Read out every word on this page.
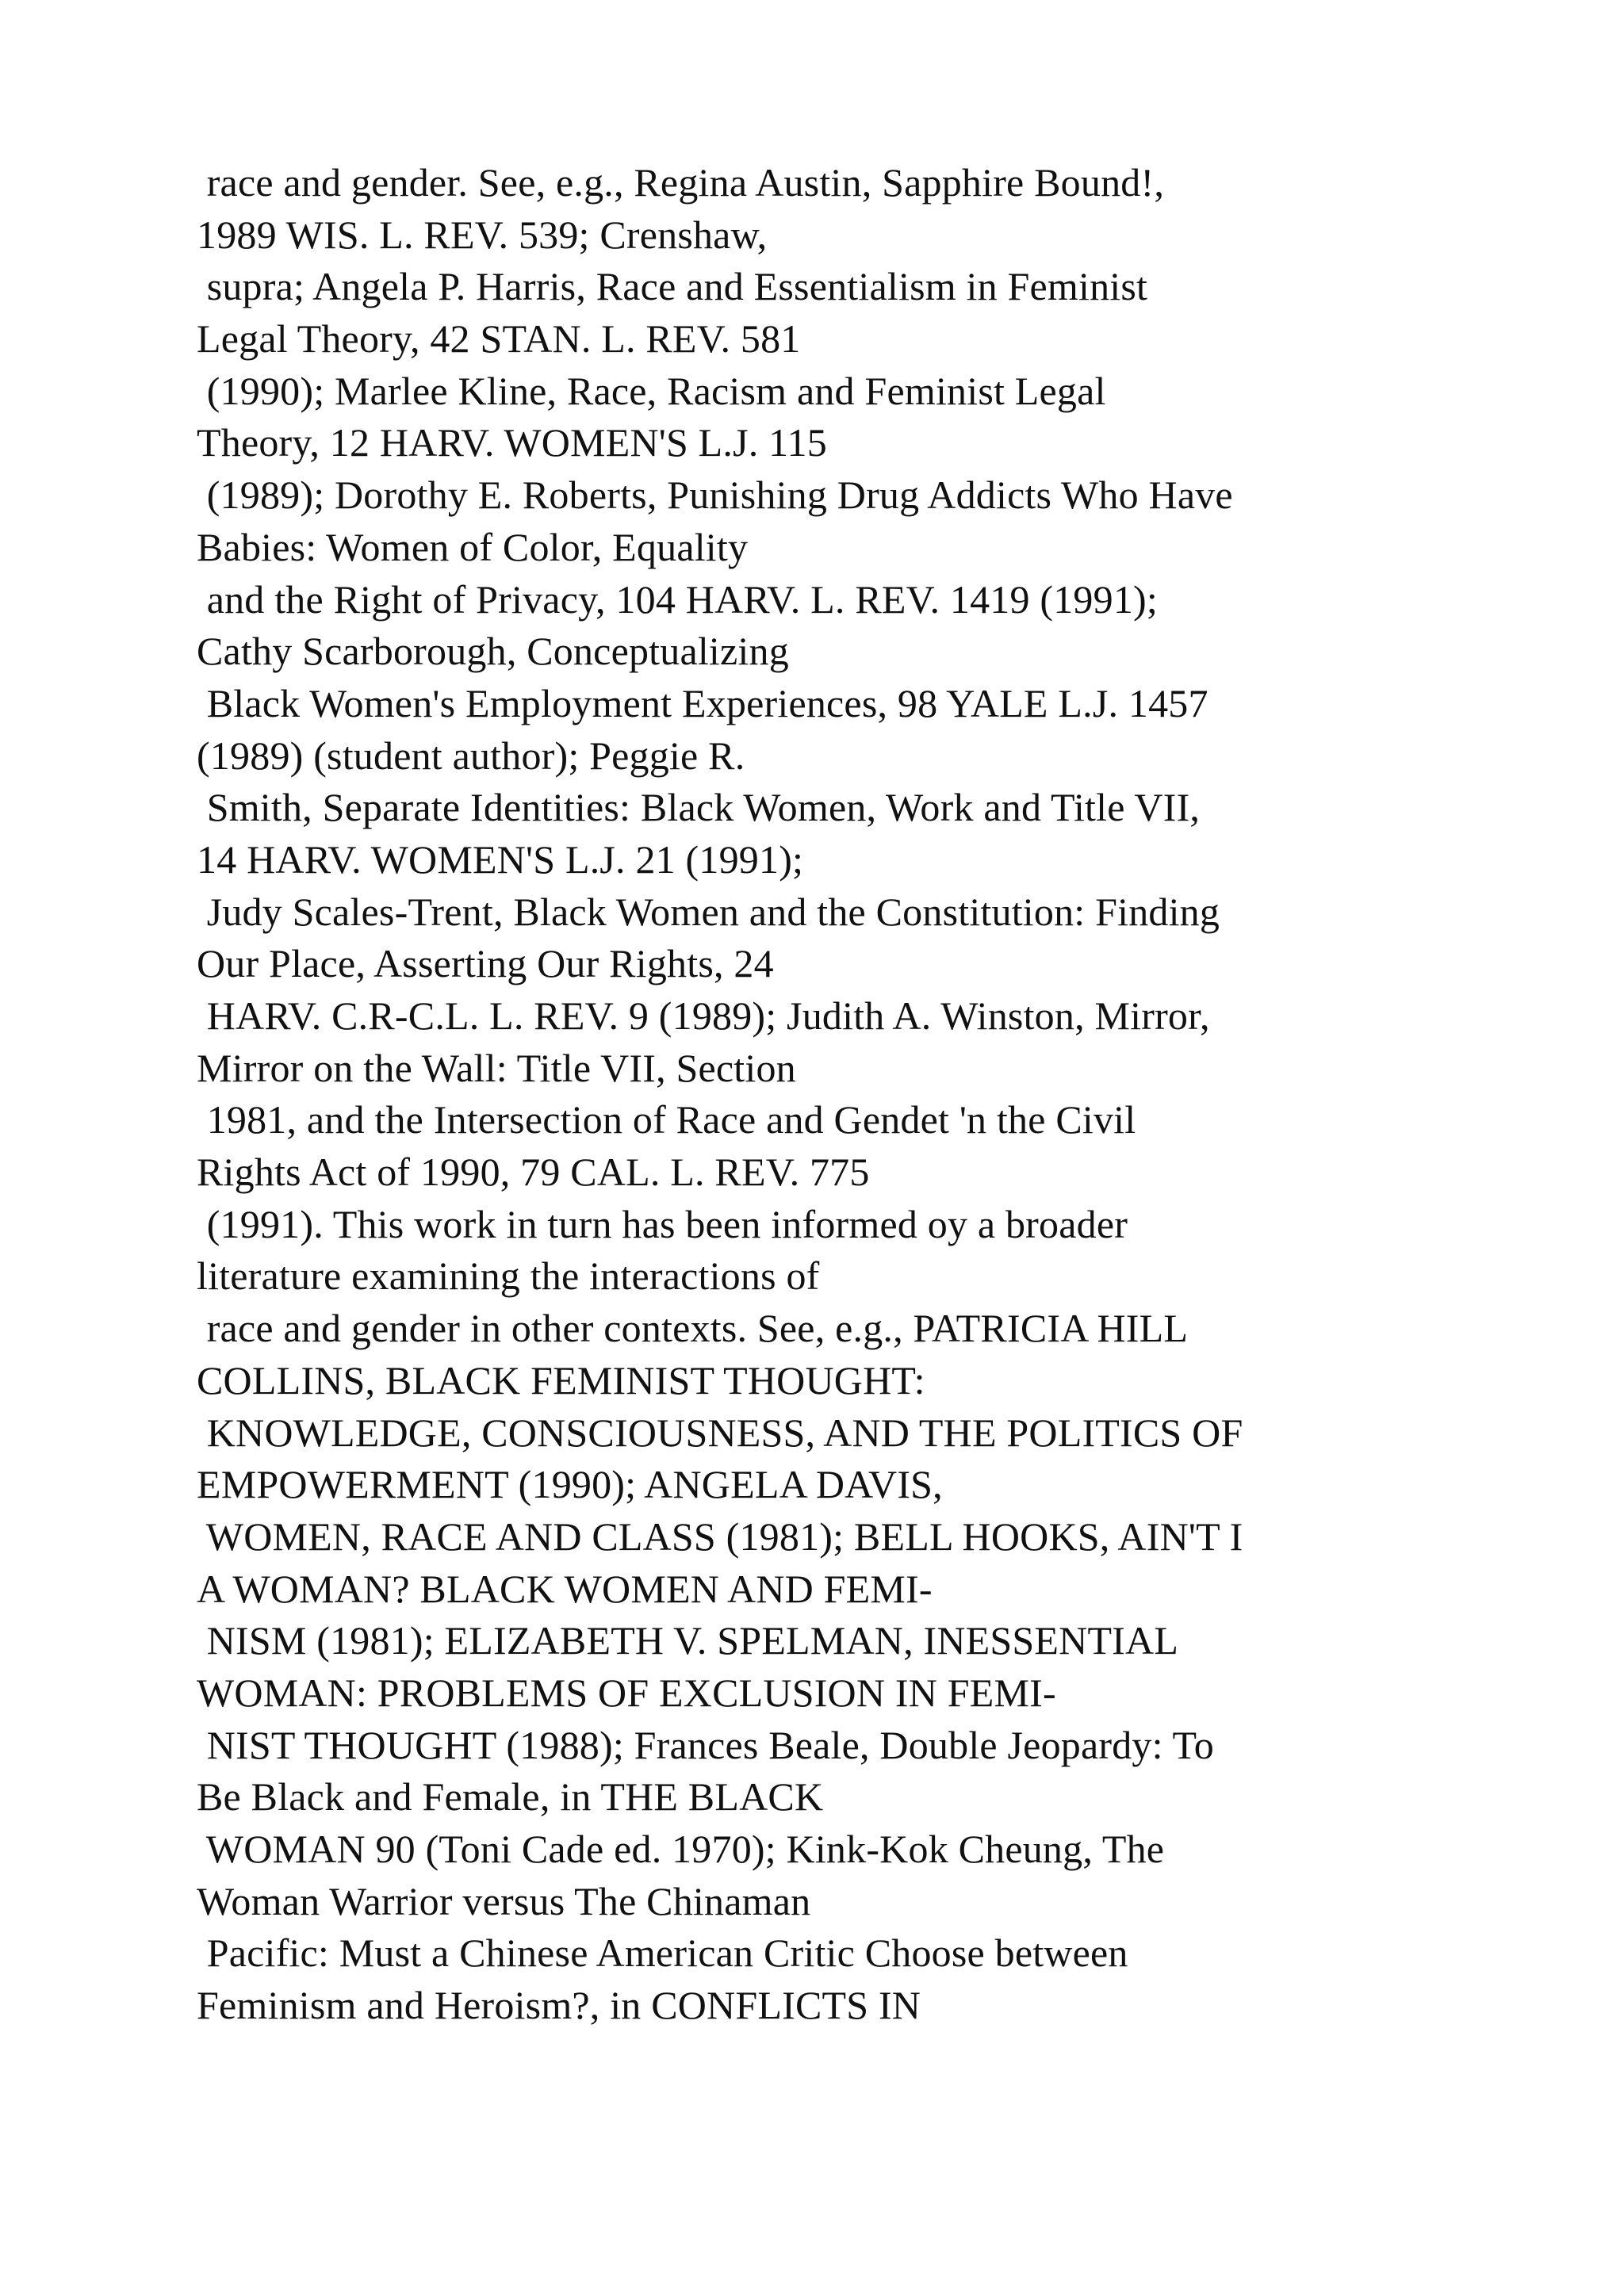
race and gender. See, e.g., Regina Austin, Sapphire Bound!,
1989 WIS. L. REV. 539; Crenshaw,
supra; Angela P. Harris, Race and Essentialism in Feminist
Legal Theory, 42 STAN. L. REV. 581
(1990); Marlee Kline, Race, Racism and Feminist Legal
Theory, 12 HARV. WOMEN'S L.J. 115
(1989); Dorothy E. Roberts, Punishing Drug Addicts Who Have
Babies: Women of Color, Equality
and the Right of Privacy, 104 HARV. L. REV. 1419 (1991);
Cathy Scarborough, Conceptualizing
Black Women's Employment Experiences, 98 YALE L.J. 1457
(1989) (student author); Peggie R.
Smith, Separate Identities: Black Women, Work and Title VII,
14 HARV. WOMEN'S L.J. 21 (1991);
Judy Scales-Trent, Black Women and the Constitution: Finding
Our Place, Asserting Our Rights, 24
HARV. C.R-C.L. L. REV. 9 (1989); Judith A. Winston, Mirror,
Mirror on the Wall: Title VII, Section
1981, and the Intersection of Race and Gendet 'n the Civil
Rights Act of 1990, 79 CAL. L. REV. 775
(1991). This work in turn has been informed oy a broader
literature examining the interactions of
race and gender in other contexts. See, e.g., PATRICIA HILL
COLLINS, BLACK FEMINIST THOUGHT:
KNOWLEDGE, CONSCIOUSNESS, AND THE POLITICS OF
EMPOWERMENT (1990); ANGELA DAVIS,
WOMEN, RACE AND CLASS (1981); BELL HOOKS, AIN'T I
A WOMAN? BLACK WOMEN AND FEMI-
NISM (1981); ELIZABETH V. SPELMAN, INESSENTIAL
WOMAN: PROBLEMS OF EXCLUSION IN FEMI-
NIST THOUGHT (1988); Frances Beale, Double Jeopardy: To
Be Black and Female, in THE BLACK
WOMAN 90 (Toni Cade ed. 1970); Kink-Kok Cheung, The
Woman Warrior versus The Chinaman
Pacific: Must a Chinese American Critic Choose between
Feminism and Heroism?, in CONFLICTS IN
